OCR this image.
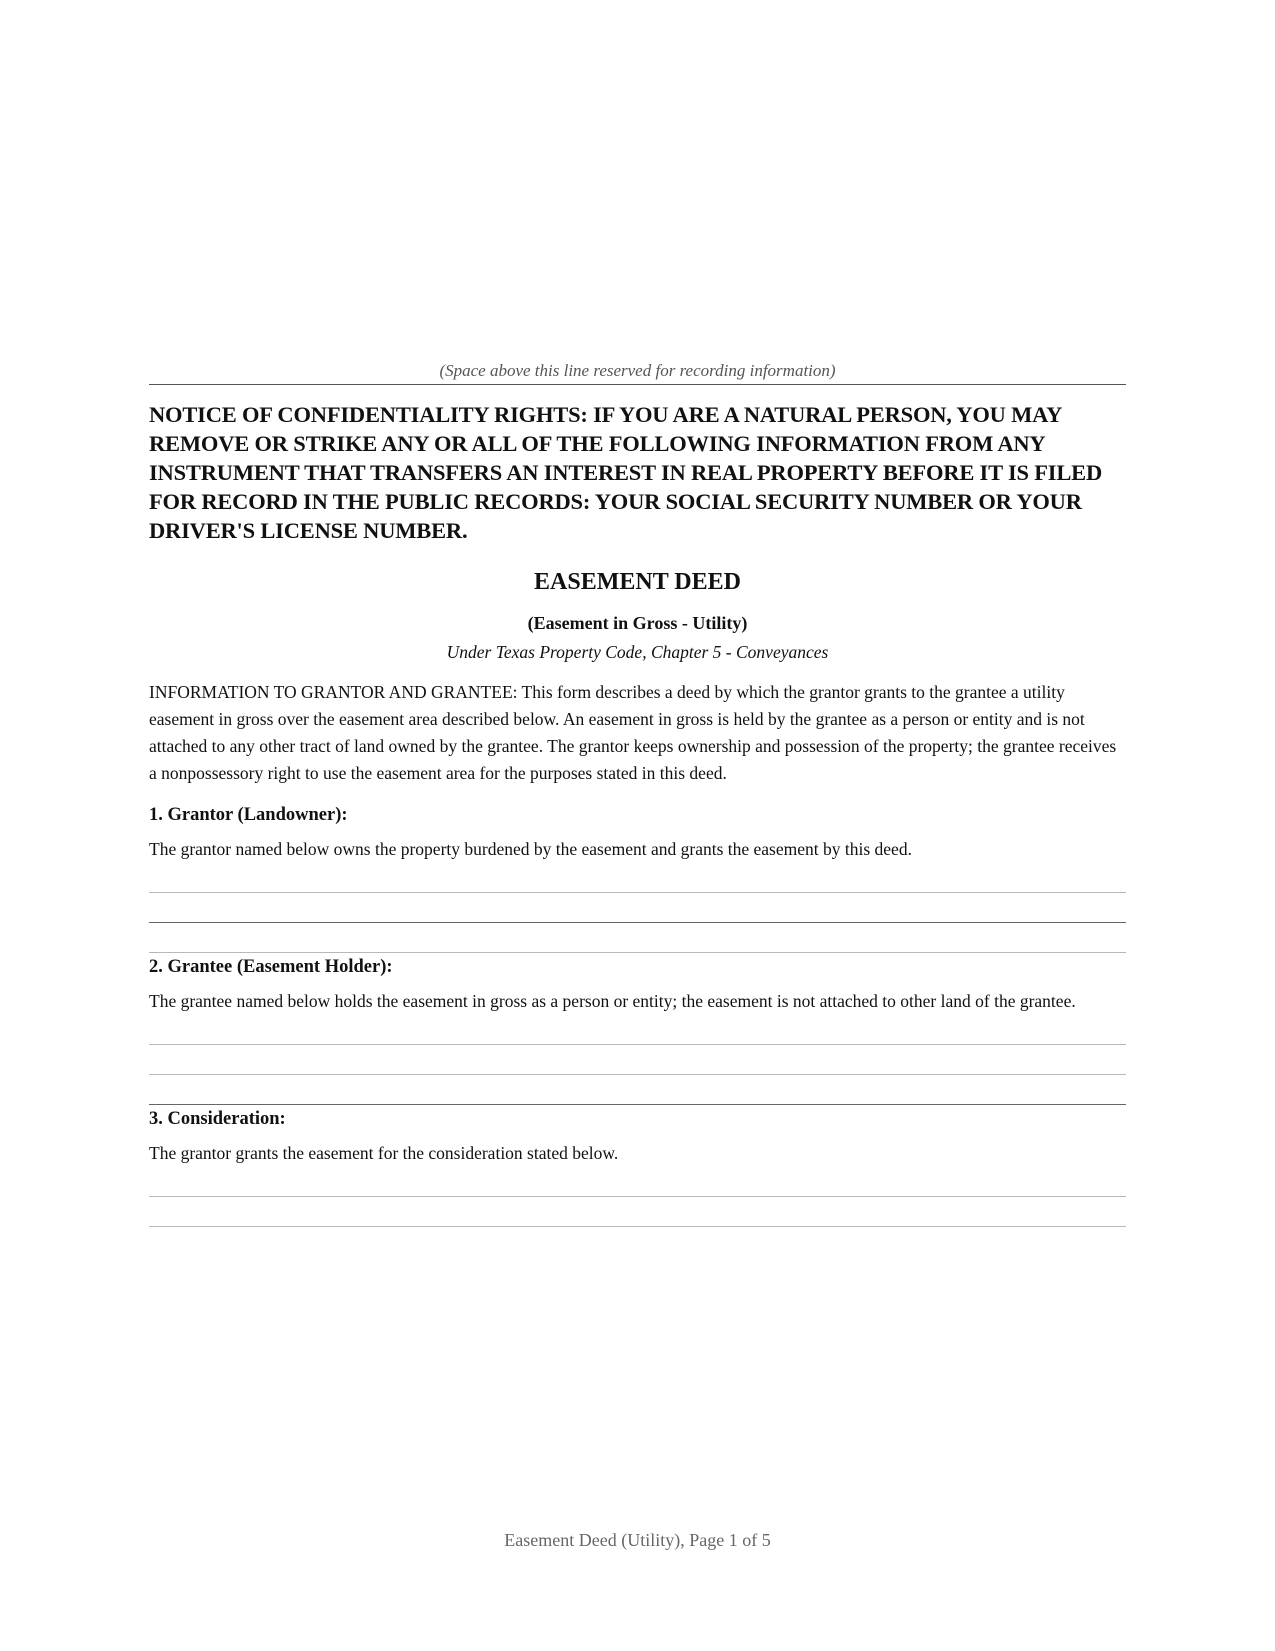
(Space above this line reserved for recording information)

NOTICE OF CONFIDENTIALITY RIGHTS: IF YOU ARE A NATURAL PERSON, YOU MAY REMOVE OR STRIKE ANY OR ALL OF THE FOLLOWING INFORMATION FROM ANY INSTRUMENT THAT TRANSFERS AN INTEREST IN REAL PROPERTY BEFORE IT IS FILED FOR RECORD IN THE PUBLIC RECORDS: YOUR SOCIAL SECURITY NUMBER OR YOUR DRIVER'S LICENSE NUMBER.

EASEMENT DEED

(Easement in Gross - Utility)

Under Texas Property Code, Chapter 5 - Conveyances

INFORMATION TO GRANTOR AND GRANTEE: This form describes a deed by which the grantor grants to the grantee a utility easement in gross over the easement area described below. An easement in gross is held by the grantee as a person or entity and is not attached to any other tract of land owned by the grantee. The grantor keeps ownership and possession of the property; the grantee receives a nonpossessory right to use the easement area for the purposes stated in this deed.

1. Grantor (Landowner):

The grantor named below owns the property burdened by the easement and grants the easement by this deed.

2. Grantee (Easement Holder):

The grantee named below holds the easement in gross as a person or entity; the easement is not attached to other land of the grantee.

3. Consideration:

The grantor grants the easement for the consideration stated below.

Easement Deed (Utility), Page 1 of 5
